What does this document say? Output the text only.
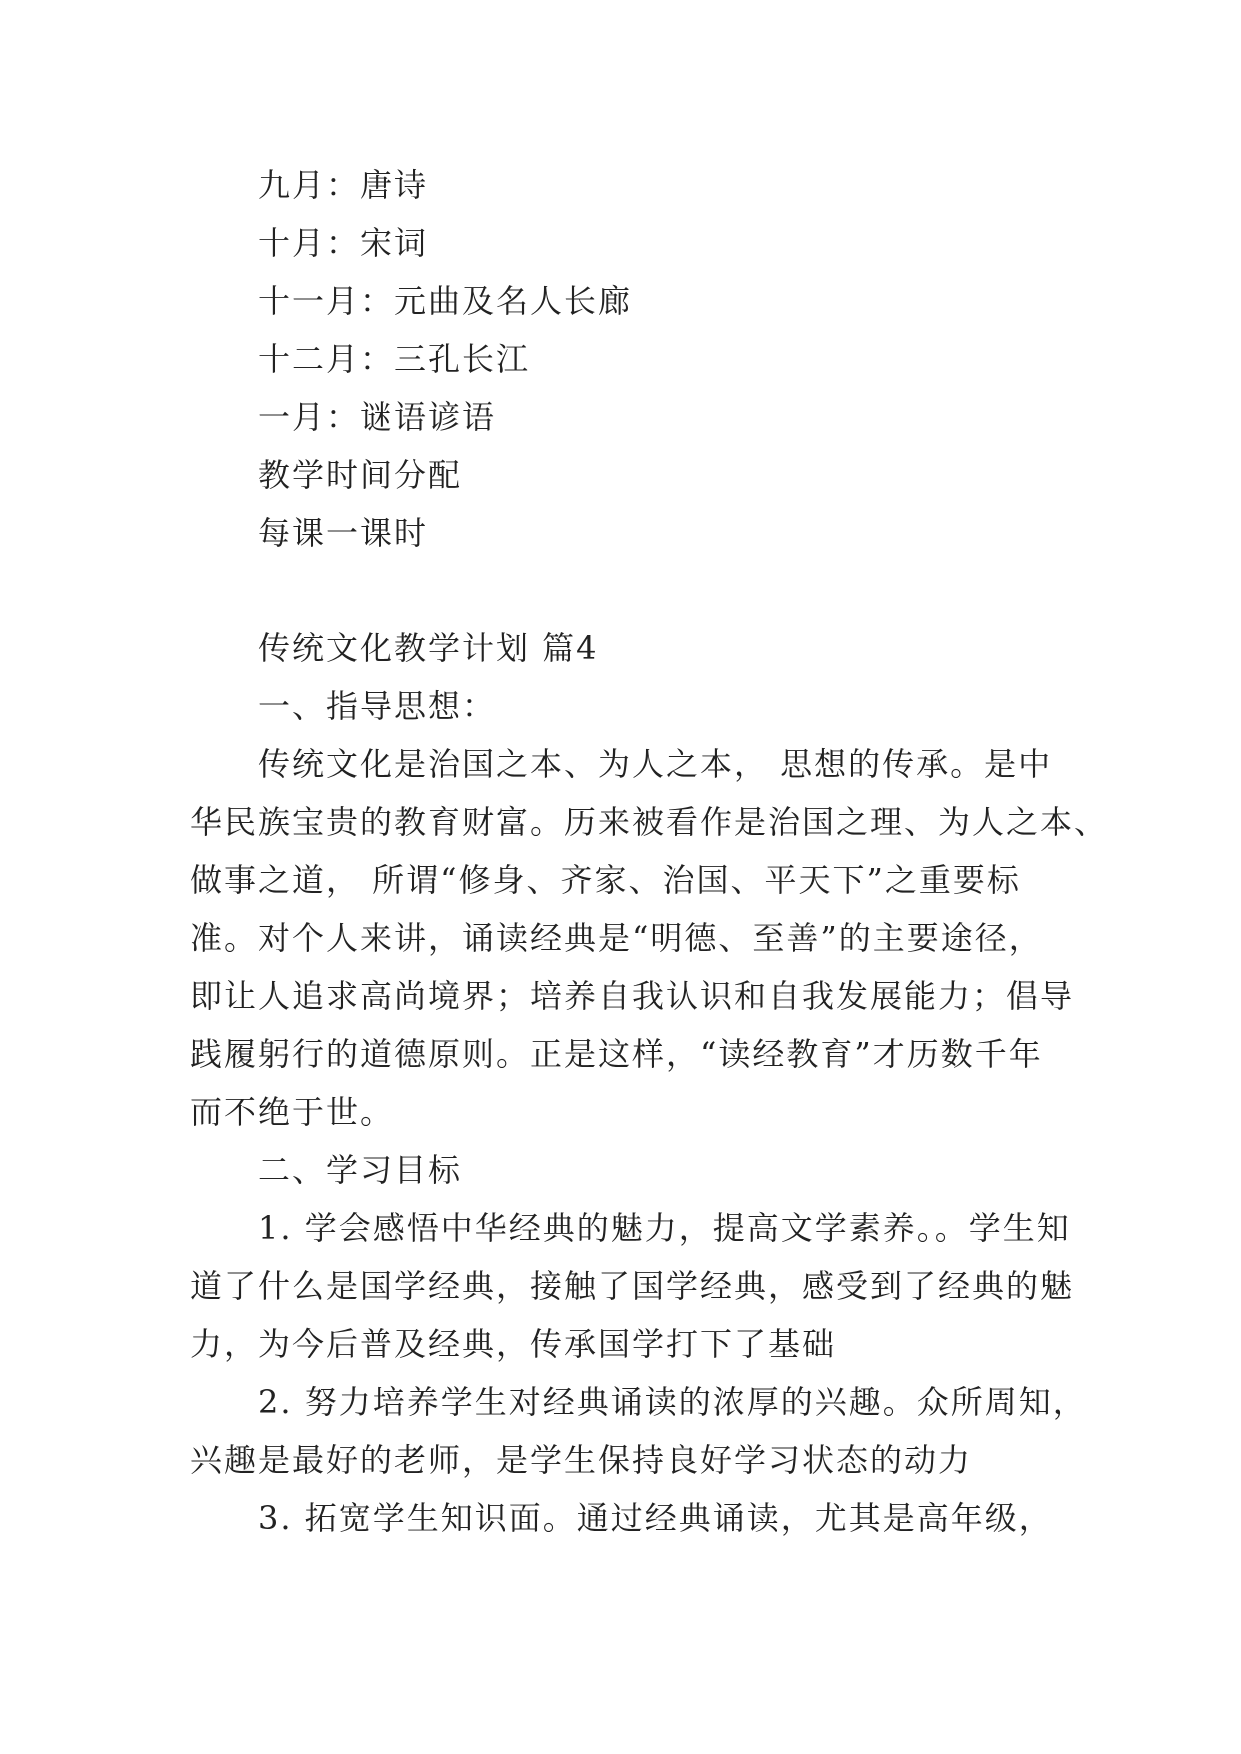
九月：唐诗
十月：宋词
十一月：元曲及名人长廊
十二月：三孔长江
一月：谜语谚语
教学时间分配
每课一课时
传统文化教学计划 篇4
一、指导思想：
传统文化是治国之本、为人之本， 思想的传承。是中
华民族宝贵的教育财富。历来被看作是治国之理、为人之本、
做事之道， 所谓“修身、齐家、治国、平天下”之重要标
准。对个人来讲，诵读经典是“明德、至善”的主要途径，
即让人追求高尚境界；培养自我认识和自我发展能力；倡导
践履躬行的道德原则。正是这样，“读经教育”才历数千年
而不绝于世。
二、学习目标
1. 学会感悟中华经典的魅力，提高文学素养。。学生知
道了什么是国学经典，接触了国学经典，感受到了经典的魅
力，为今后普及经典，传承国学打下了基础
2. 努力培养学生对经典诵读的浓厚的兴趣。众所周知，
兴趣是最好的老师，是学生保持良好学习状态的动力
3. 拓宽学生知识面。通过经典诵读，尤其是高年级，
